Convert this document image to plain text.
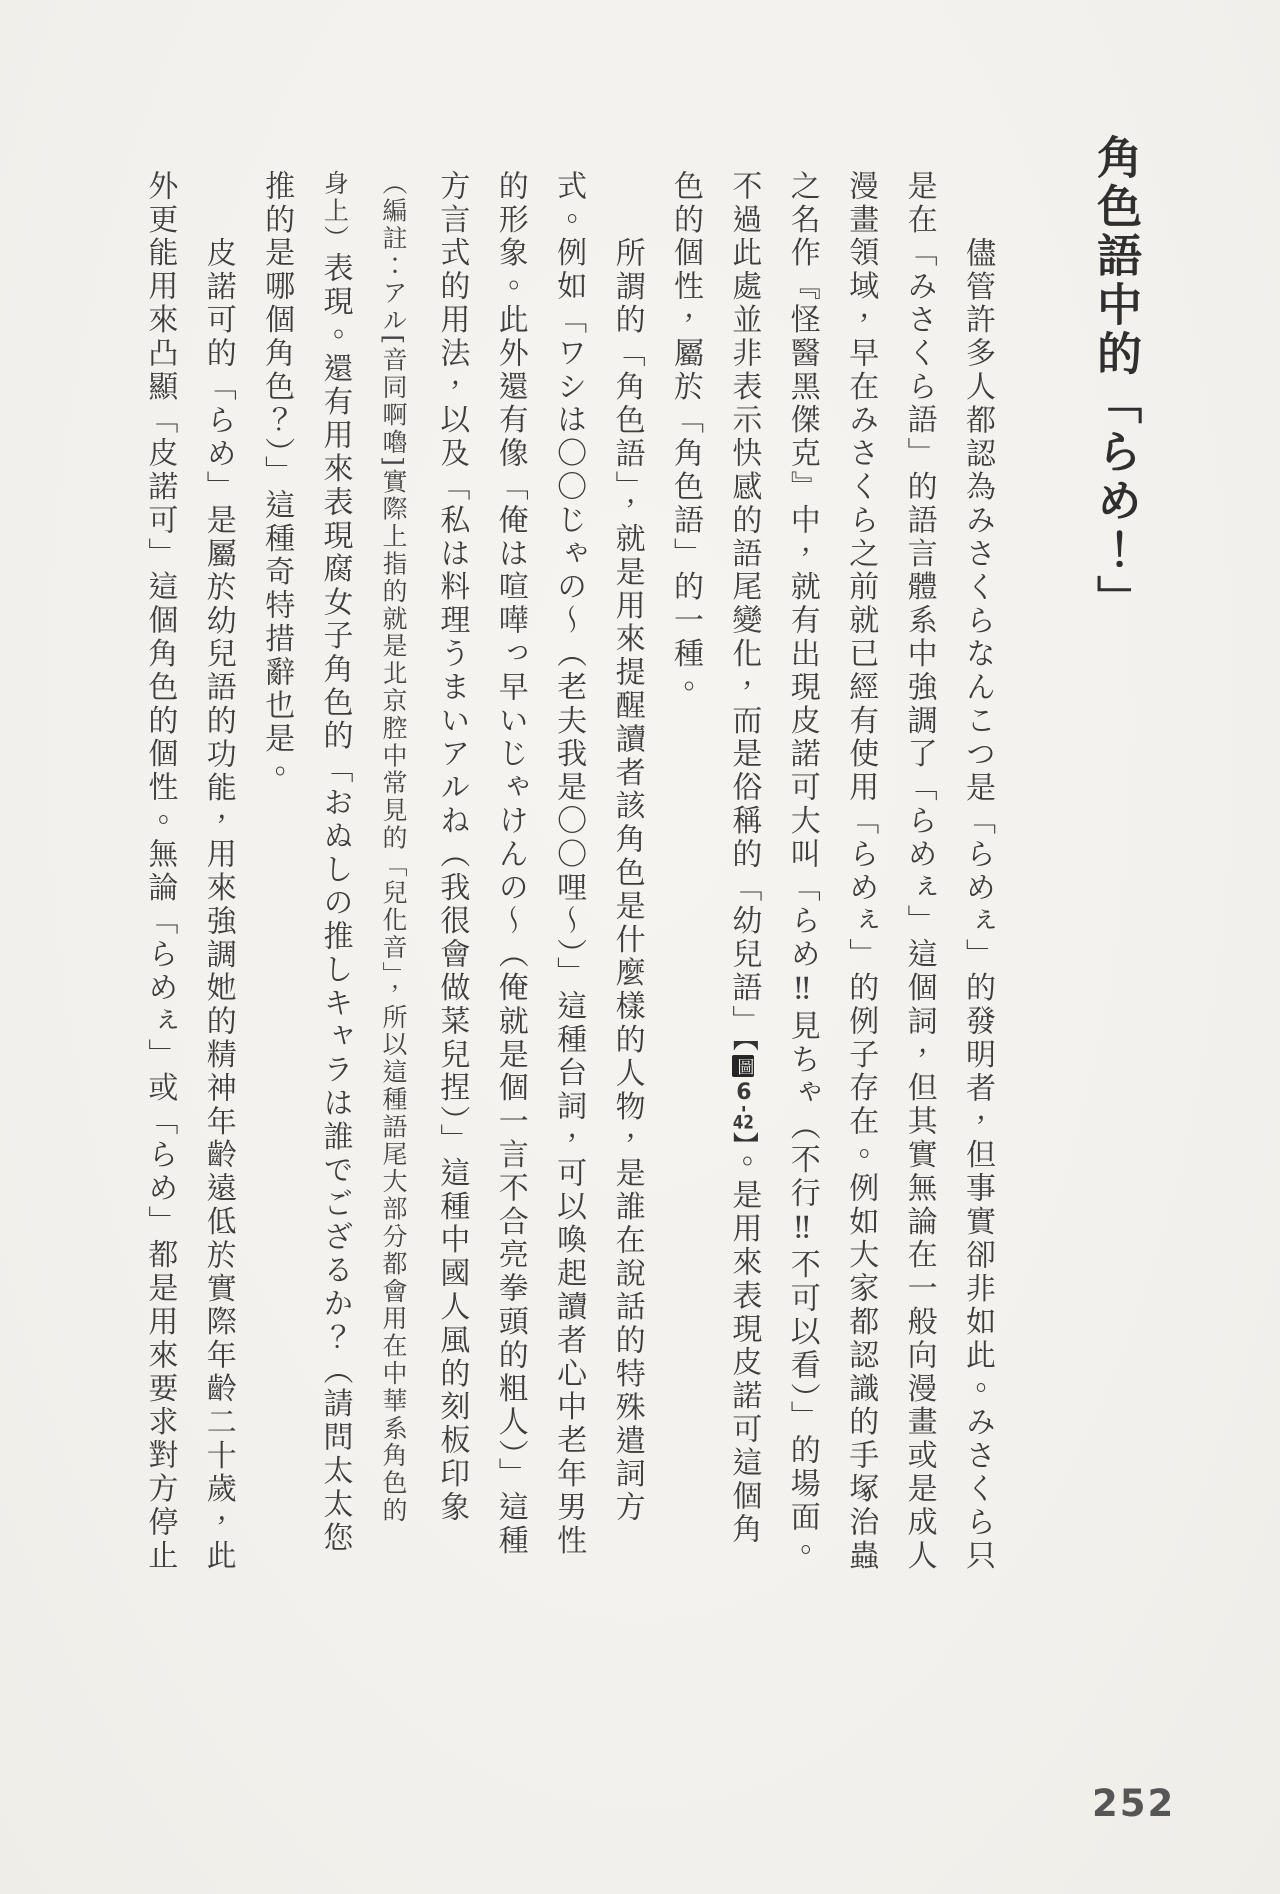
角色語中的「らめ！」
儘管許多人都認為みさくらなんこつ是「らめぇ」的發明者，但事實卻非如此。みさくら只
是在「みさくら語」的語言體系中強調了「らめぇ」這個詞，但其實無論在一般向漫畫或是成人
漫畫領域，早在みさくら之前就已經有使用「らめぇ」的例子存在。例如大家都認識的手塚治蟲
之名作『怪醫黑傑克』中，就有出現皮諾可大叫「らめ‼見ちゃ（不行‼不可以看）」的場面。
不過此處並非表示快感的語尾變化，而是俗稱的「幼兒語」【圖6-42】。是用來表現皮諾可這個角
色的個性，屬於「角色語」的一種。
所謂的「角色語」，就是用來提醒讀者該角色是什麼樣的人物，是誰在說話的特殊遣詞方
式。例如「ワシは〇〇じゃの〜（老夫我是〇〇哩〜）」這種台詞，可以喚起讀者心中老年男性
的形象。此外還有像「俺は喧嘩っ早いじゃけんの〜（俺就是個一言不合亮拳頭的粗人）」這種
方言式的用法，以及「私は料理うまいアルね（我很會做菜兒捏）」這種中國人風的刻板印象
（編註：アル[音同啊嚕]實際上指的就是北京腔中常見的「兒化音」，所以這種語尾大部分都會用在中華系角色的
身上）表現。還有用來表現腐女子角色的「おぬしの推しキャラは誰でござるか？（請問太太您
推的是哪個角色？）」這種奇特措辭也是。
皮諾可的「らめ」是屬於幼兒語的功能，用來強調她的精神年齡遠低於實際年齡二十歲，此
外更能用來凸顯「皮諾可」這個角色的個性。無論「らめぇ」或「らめ」都是用來要求對方停止
252
